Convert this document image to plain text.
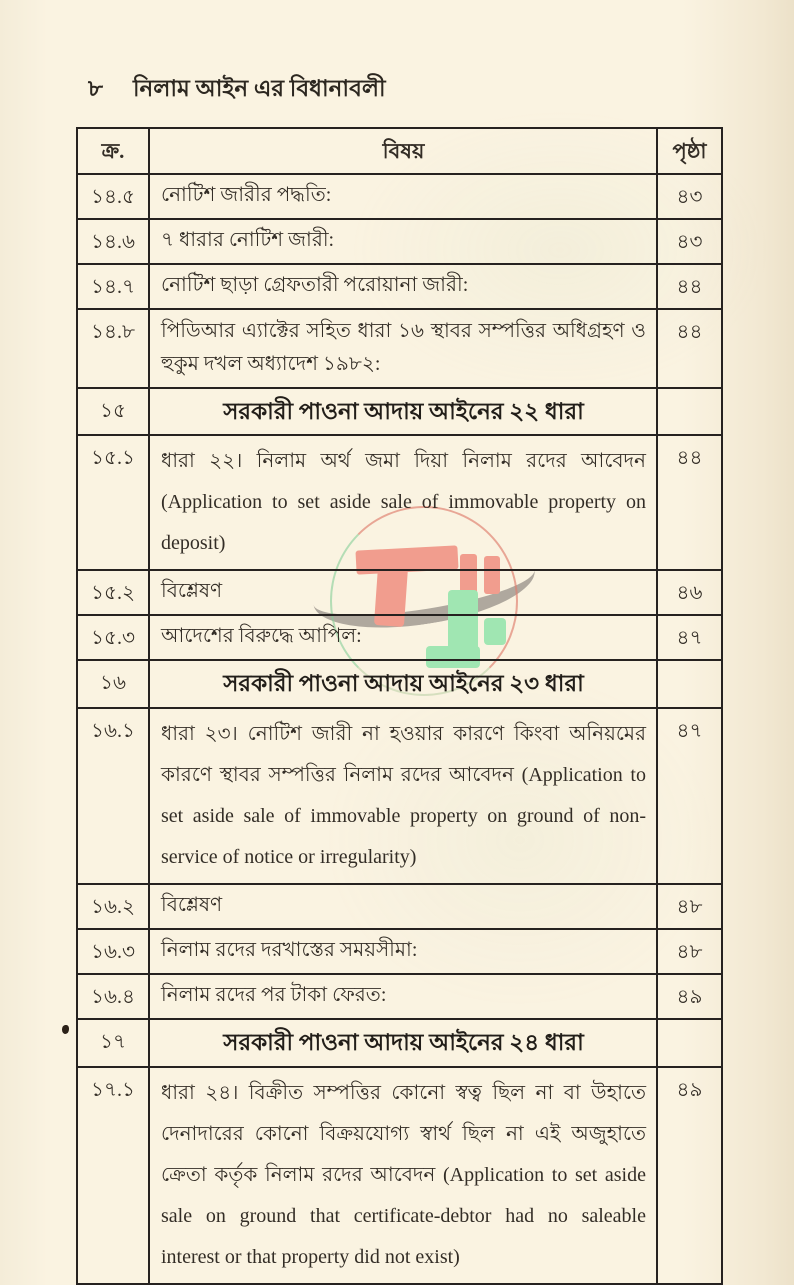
৮ নিলাম আইন এর বিধানাবলী
ক্র.	বিষয়	পৃষ্ঠা
১৪.৫	নোটিশ জারীর পদ্ধতি:	৪৩
১৪.৬	৭ ধারার নোটিশ জারী:	৪৩
১৪.৭	নোটিশ ছাড়া গ্রেফতারী পরোয়ানা জারী:	৪৪
১৪.৮	পিডিআর এ্যাক্টের সহিত ধারা ১৬ স্থাবর সম্পত্তির অধিগ্রহণ ও হুকুম দখল অধ্যাদেশ ১৯৮২:	৪৪
১৫	সরকারী পাওনা আদায় আইনের ২২ ধারা	
১৫.১	ধারা ২২। নিলাম অর্থ জমা দিয়া নিলাম রদের আবেদন (Application to set aside sale of immovable property on deposit)	৪৪
১৫.২	বিশ্লেষণ	৪৬
১৫.৩	আদেশের বিরুদ্ধে আপিল:	৪৭
১৬	সরকারী পাওনা আদায় আইনের ২৩ ধারা	
১৬.১	ধারা ২৩। নোটিশ জারী না হওয়ার কারণে কিংবা অনিয়মের কারণে স্থাবর সম্পত্তির নিলাম রদের আবেদন (Application to set aside sale of immovable property on ground of non-service of notice or irregularity)	৪৭
১৬.২	বিশ্লেষণ	৪৮
১৬.৩	নিলাম রদের দরখাস্তের সময়সীমা:	৪৮
১৬.৪	নিলাম রদের পর টাকা ফেরত:	৪৯
১৭	সরকারী পাওনা আদায় আইনের ২৪ ধারা	
১৭.১	ধারা ২৪। বিক্রীত সম্পত্তির কোনো স্বত্ব ছিল না বা উহাতে দেনাদারের কোনো বিক্রয়যোগ্য স্বার্থ ছিল না এই অজুহাতে ক্রেতা কর্তৃক নিলাম রদের আবেদন (Application to set aside sale on ground that certificate-debtor had no saleable interest or that property did not exist)	৪৯
